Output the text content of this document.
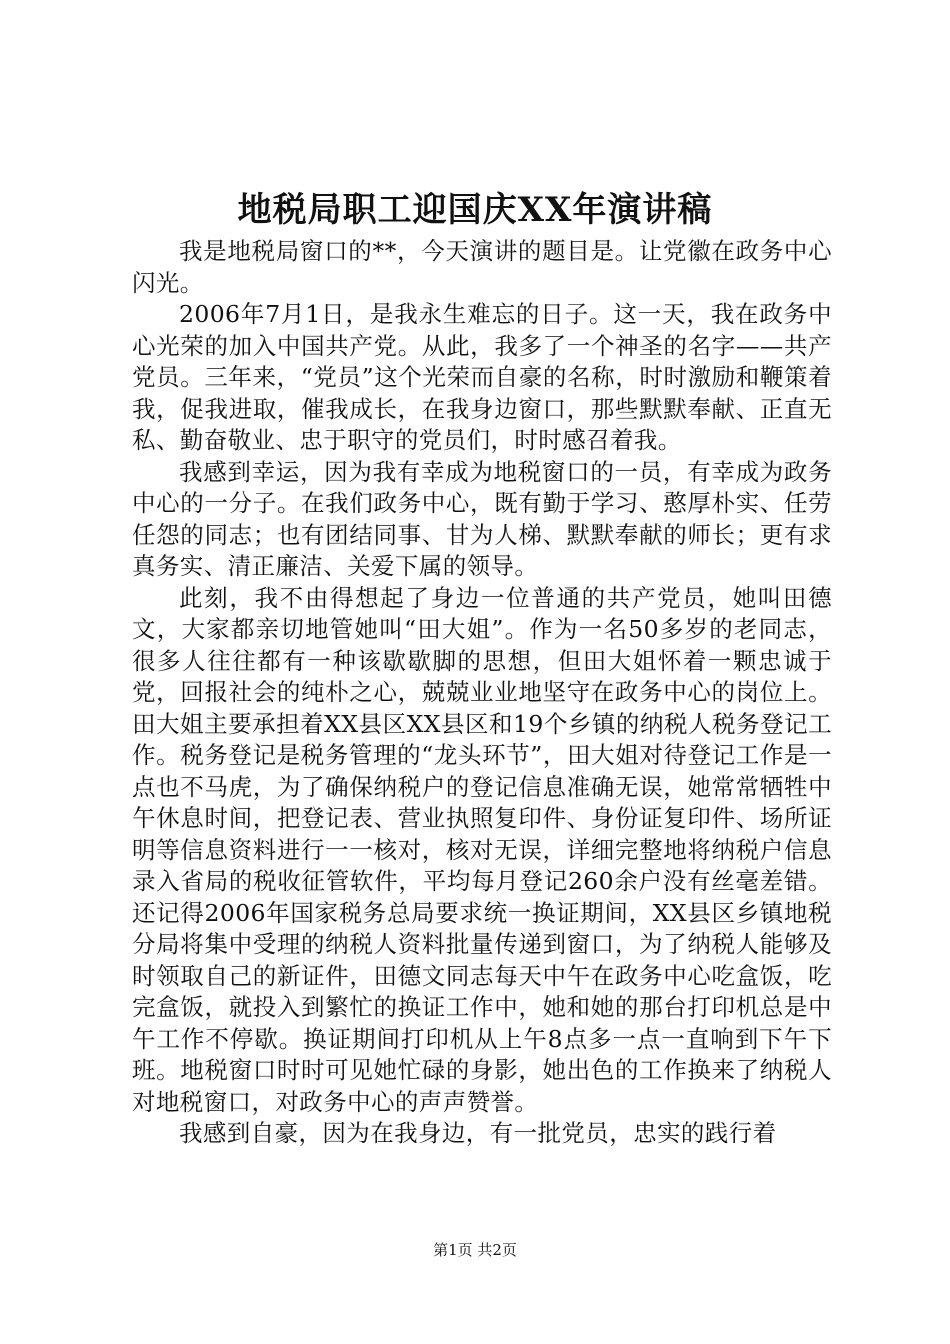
地税局职工迎国庆XX年演讲稿

我是地税局窗口的**，今天演讲的题目是。让党徽在政务中心闪光。

2006年7月1日，是我永生难忘的日子。这一天，我在政务中心光荣的加入中国共产党。从此，我多了一个神圣的名字——共产党员。三年来，“党员”这个光荣而自豪的名称，时时激励和鞭策着我，促我进取，催我成长，在我身边窗口，那些默默奉献、正直无私、勤奋敬业、忠于职守的党员们，时时感召着我。

我感到幸运，因为我有幸成为地税窗口的一员，有幸成为政务中心的一分子。在我们政务中心，既有勤于学习、憨厚朴实、任劳任怨的同志；也有团结同事、甘为人梯、默默奉献的师长；更有求真务实、清正廉洁、关爱下属的领导。

此刻，我不由得想起了身边一位普通的共产党员，她叫田德文，大家都亲切地管她叫“田大姐”。作为一名50多岁的老同志，很多人往往都有一种该歇歇脚的思想，但田大姐怀着一颗忠诚于党，回报社会的纯朴之心，兢兢业业地坚守在政务中心的岗位上。田大姐主要承担着XX县区XX县区和19个乡镇的纳税人税务登记工作。税务登记是税务管理的“龙头环节”，田大姐对待登记工作是一点也不马虎，为了确保纳税户的登记信息准确无误，她常常牺牲中午休息时间，把登记表、营业执照复印件、身份证复印件、场所证明等信息资料进行一一核对，核对无误，详细完整地将纳税户信息录入省局的税收征管软件，平均每月登记260余户没有丝毫差错。还记得2006年国家税务总局要求统一换证期间，XX县区乡镇地税分局将集中受理的纳税人资料批量传递到窗口，为了纳税人能够及时领取自己的新证件，田德文同志每天中午在政务中心吃盒饭，吃完盒饭，就投入到繁忙的换证工作中，她和她的那台打印机总是中午工作不停歇。换证期间打印机从上午8点多一点一直响到下午下班。地税窗口时时可见她忙碌的身影，她出色的工作换来了纳税人对地税窗口，对政务中心的声声赞誉。

我感到自豪，因为在我身边，有一批党员，忠实的践行着

第1页 共2页
